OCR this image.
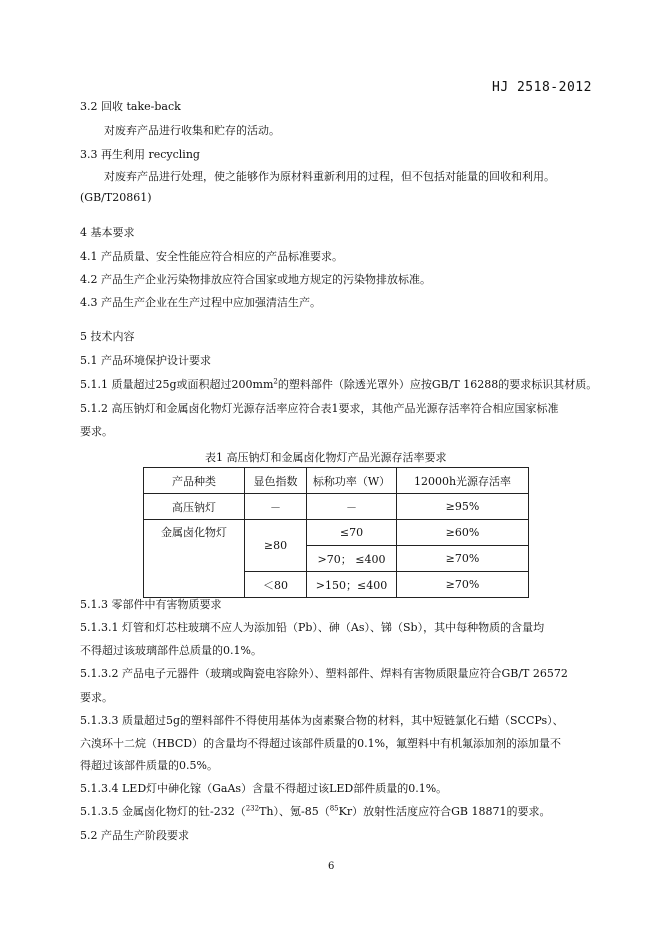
HJ 2518-2012
3.2 回收 take-back
对废弃产品进行收集和贮存的活动。
3.3 再生利用 recycling
对废弃产品进行处理，使之能够作为原材料重新利用的过程，但不包括对能量的回收和利用。
(GB/T20861)
4 基本要求
4.1 产品质量、安全性能应符合相应的产品标准要求。
4.2 产品生产企业污染物排放应符合国家或地方规定的污染物排放标准。
4.3 产品生产企业在生产过程中应加强清洁生产。
5 技术内容
5.1 产品环境保护设计要求
5.1.1 质量超过25g或面积超过$200mm^2$的塑料部件（除透光罩外）应按GB/T 16288的要求标识其材质。
5.1.2 高压钠灯和金属卤化物灯光源存活率应符合表1要求，其他产品光源存活率符合相应国家标准
要求。
表1 高压钠灯和金属卤化物灯产品光源存活率要求
产品种类	显色指数	标称功率（W）	12000h光源存活率
高压钠灯	－	－	≥95%
金属卤化物灯	≥80	≤70	≥60%
		>70； ≤400	≥70%
	＜80	>150；≤400	≥70%
5.1.3 零部件中有害物质要求
5.1.3.1 灯管和灯芯柱玻璃不应人为添加铅（Pb）、砷（As）、锑（Sb），其中每种物质的含量均
不得超过该玻璃部件总质量的0.1%。
5.1.3.2 产品电子元器件（玻璃或陶瓷电容除外）、塑料部件、焊料有害物质限量应符合GB/T 26572
要求。
5.1.3.3 质量超过5g的塑料部件不得使用基体为卤素聚合物的材料，其中短链氯化石蜡（SCCPs）、
六溴环十二烷（HBCD）的含量均不得超过该部件质量的0.1%，氟塑料中有机氟添加剂的添加量不
得超过该部件质量的0.5%。
5.1.3.4 LED灯中砷化镓（GaAs）含量不得超过该LED部件质量的0.1%。
5.1.3.5 金属卤化物灯的钍-232（$^{232}$Th）、氪-85（$^{85}$Kr）放射性活度应符合GB 18871的要求。
5.2 产品生产阶段要求
6
